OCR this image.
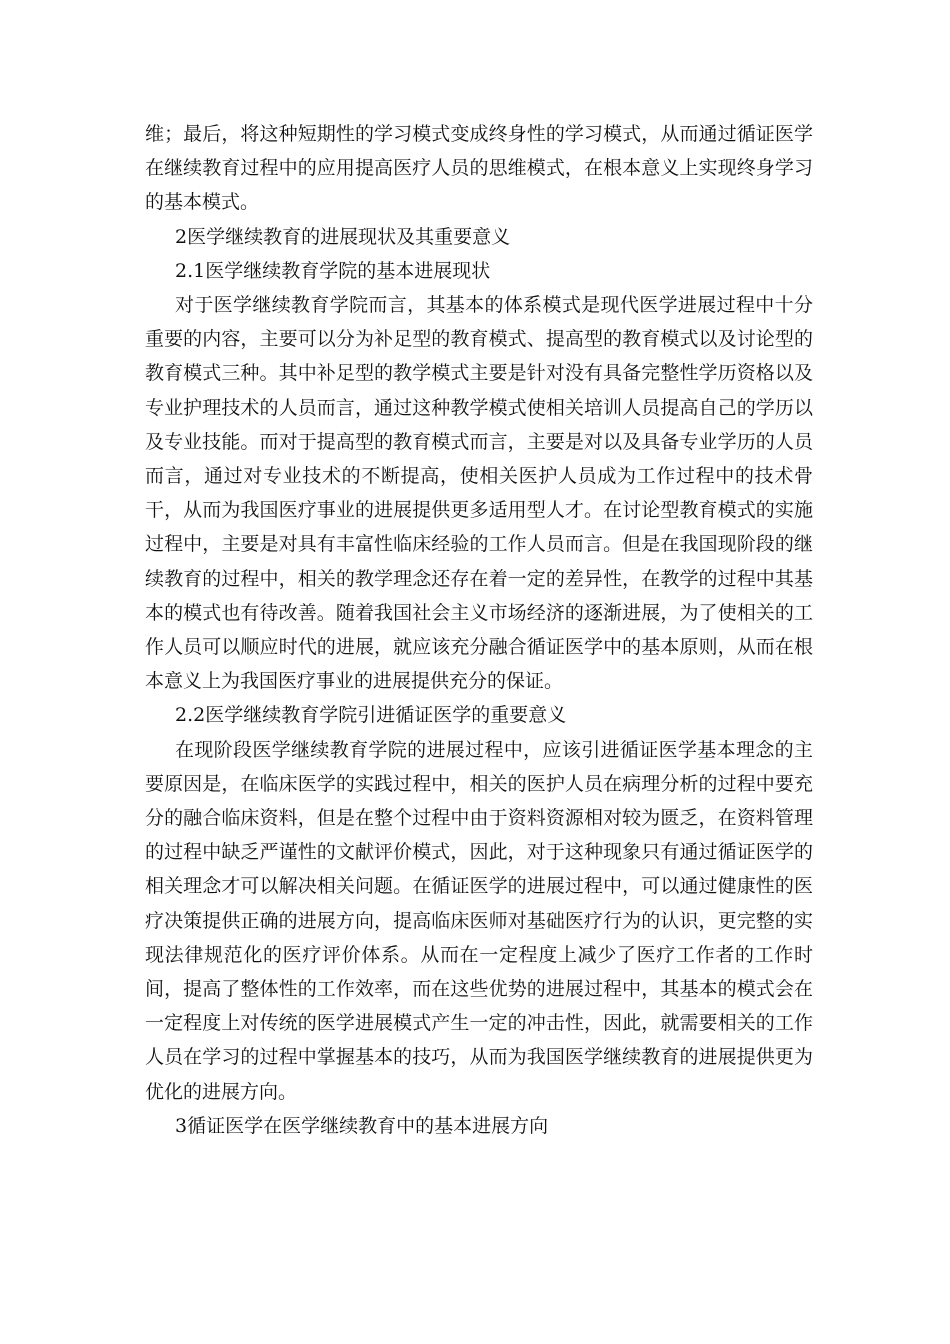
维；最后，将这种短期性的学习模式变成终身性的学习模式，从而通过循证医学在继续教育过程中的应用提高医疗人员的思维模式，在根本意义上实现终身学习的基本模式。

2医学继续教育的进展现状及其重要意义

2.1医学继续教育学院的基本进展现状

对于医学继续教育学院而言，其基本的体系模式是现代医学进展过程中十分重要的内容，主要可以分为补足型的教育模式、提高型的教育模式以及讨论型的教育模式三种。其中补足型的教学模式主要是针对没有具备完整性学历资格以及专业护理技术的人员而言，通过这种教学模式使相关培训人员提高自己的学历以及专业技能。而对于提高型的教育模式而言，主要是对以及具备专业学历的人员而言，通过对专业技术的不断提高，使相关医护人员成为工作过程中的技术骨干，从而为我国医疗事业的进展提供更多适用型人才。在讨论型教育模式的实施过程中，主要是对具有丰富性临床经验的工作人员而言。但是在我国现阶段的继续教育的过程中，相关的教学理念还存在着一定的差异性，在教学的过程中其基本的模式也有待改善。随着我国社会主义市场经济的逐渐进展，为了使相关的工作人员可以顺应时代的进展，就应该充分融合循证医学中的基本原则，从而在根本意义上为我国医疗事业的进展提供充分的保证。

2.2医学继续教育学院引进循证医学的重要意义

在现阶段医学继续教育学院的进展过程中，应该引进循证医学基本理念的主要原因是，在临床医学的实践过程中，相关的医护人员在病理分析的过程中要充分的融合临床资料，但是在整个过程中由于资料资源相对较为匮乏，在资料管理的过程中缺乏严谨性的文献评价模式，因此，对于这种现象只有通过循证医学的相关理念才可以解决相关问题。在循证医学的进展过程中，可以通过健康性的医疗决策提供正确的进展方向，提高临床医师对基础医疗行为的认识，更完整的实现法律规范化的医疗评价体系。从而在一定程度上减少了医疗工作者的工作时间，提高了整体性的工作效率，而在这些优势的进展过程中，其基本的模式会在一定程度上对传统的医学进展模式产生一定的冲击性，因此，就需要相关的工作人员在学习的过程中掌握基本的技巧，从而为我国医学继续教育的进展提供更为优化的进展方向。

3循证医学在医学继续教育中的基本进展方向
